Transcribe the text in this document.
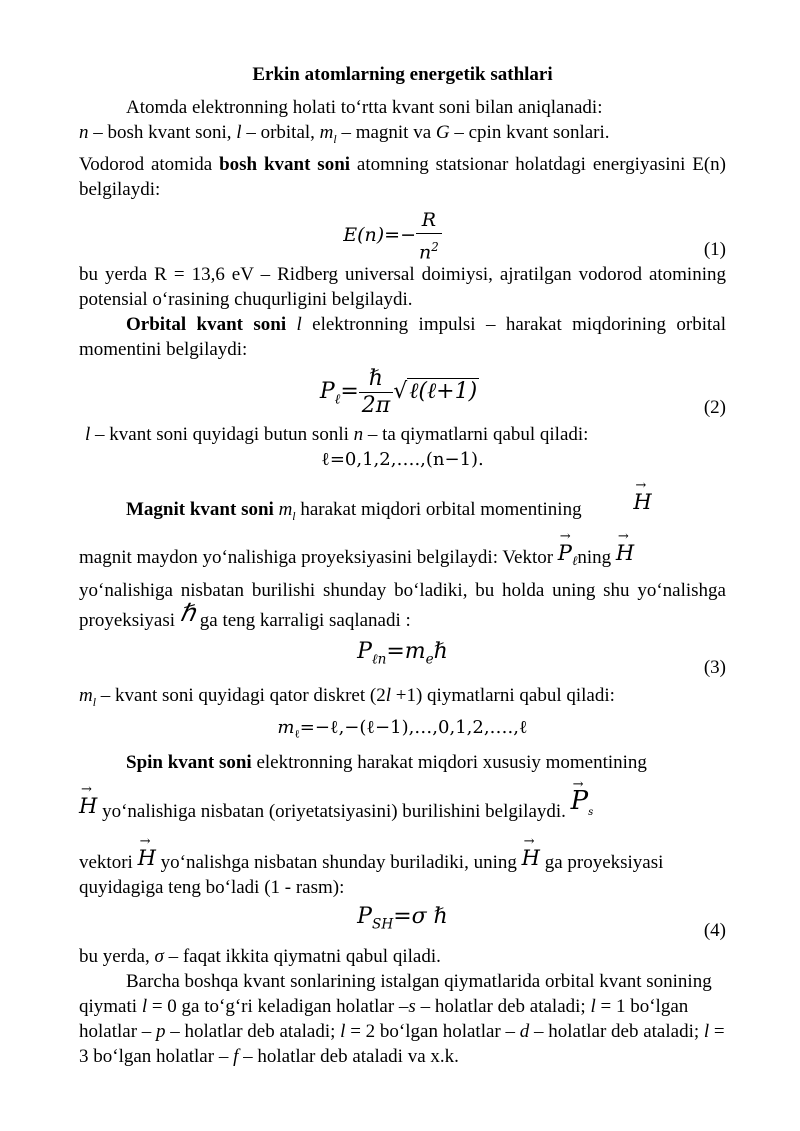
Erkin atomlarning energetik sathlari

Atomda elektronning holati to‘rtta kvant soni bilan aniqlanadi:

n – bosh kvant soni, l – orbital, $m_l$ – magnit va G – cpin kvant sonlari.

Vodorod atomida bosh kvant soni atomning statsionar holatdagi energiyasini E(n) belgilaydi:

$E(n)=- \frac{R}{n^2}$	(1)

bu yerda R = 13,6 eV – Ridberg universal doimiysi, ajratilgan vodorod atomining potensial o‘rasining chuqurligini belgilaydi.

Orbital kvant soni l elektronning impulsi – harakat miqdorining orbital momentini belgilaydi:

$P_\ell= \frac{\text{ℏ}}{2\pi}$ √ℓ(ℓ+1)
(2)

l – kvant soni quyidagi butun sonli n – ta qiymatlarni qabul qiladi:

ℓ=0,1,2,….,(n−1).

Magnit kvant soni $m_l$ harakat miqdori orbital momentining → H

magnit maydon yo‘nalishiga proyeksiyasini belgilaydi: Vektor → $P_\ell ning \to H$

yo‘nalishiga nisbatan burilishi shunday bo‘ladiki, bu holda uning shu yo‘nalishga proyeksiyasi ℏ ga teng karraligi saqlanadi :

$P_{\ell n}=m_e\hbar$
(3)

$m_l$ – kvant soni quyidagi qator diskret (2l +1) qiymatlarni qabul qiladi:

$m_\ell=-\ell,-(\ell-1),\dots,0,1,2,\dots.,\ell$

Spin kvant soni elektronning harakat miqdori xususiy momentining

→ H yo‘nalishiga nisbatan (oriyetatsiyasini) burilishini belgilaydi. → $P_s$

vektori → H yo‘nalishga nisbatan shunday buriladiki, uning → H ga proyeksiyasi quyidagiga teng bo‘ladi (1 - rasm):

$P_{SH}=\sigma$ ℏ
(4)

bu yerda, σ – faqat ikkita qiymatni qabul qiladi.

Barcha boshqa kvant sonlarining istalgan qiymatlarida orbital kvant sonining qiymati l = 0 ga to‘g‘ri keladigan holatlar –s – holatlar deb ataladi; l = 1 bo‘lgan holatlar – p – holatlar deb ataladi; l = 2 bo‘lgan holatlar – d – holatlar deb ataladi; l = 3 bo‘lgan holatlar – f – holatlar deb ataladi va x.k.
